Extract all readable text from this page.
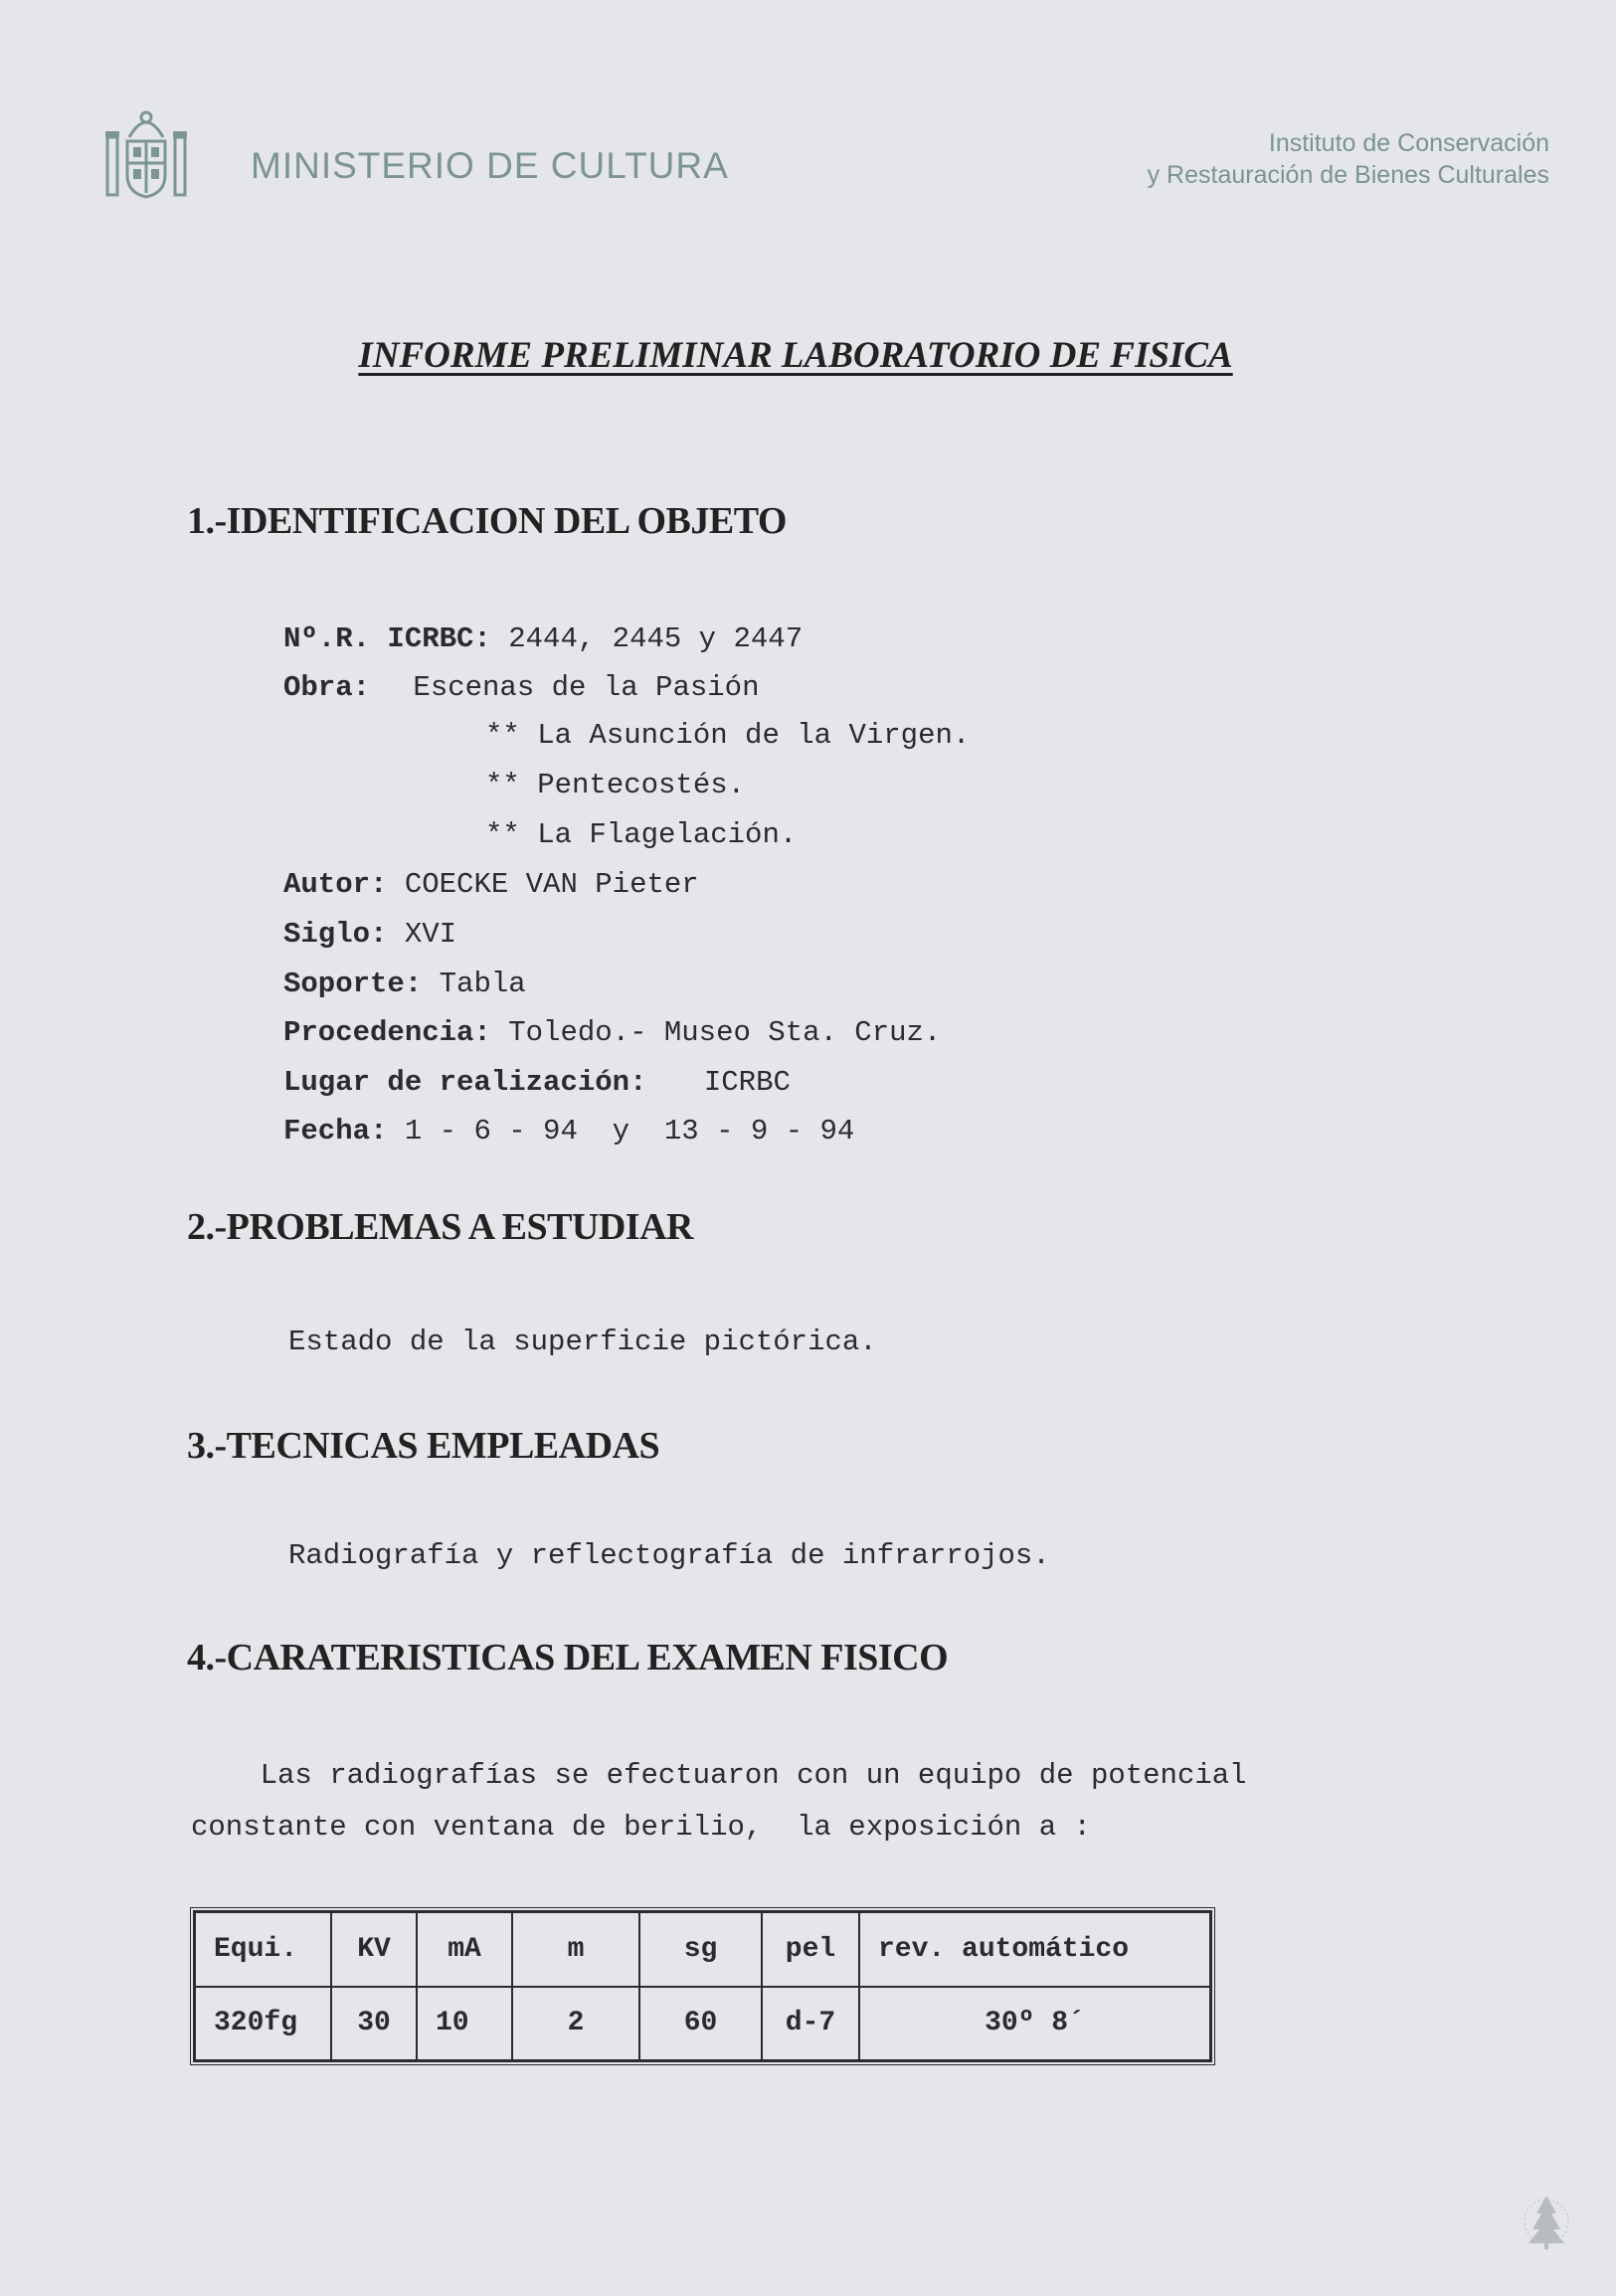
MINISTERIO DE CULTURA
Instituto de Conservación
y Restauración de Bienes Culturales
INFORME PRELIMINAR LABORATORIO DE FISICA
1.-IDENTIFICACION DEL OBJETO
Nº.R. ICRBC: 2444, 2445 y 2447
Obra: Escenas de la Pasión
** La Asunción de la Virgen.
** Pentecostés.
** La Flagelación.
Autor: COECKE VAN Pieter
Siglo: XVI
Soporte: Tabla
Procedencia: Toledo.- Museo Sta. Cruz.
Lugar de realización: ICRBC
Fecha: 1 - 6 - 94  y  13 - 9 - 94
2.-PROBLEMAS A ESTUDIAR
Estado de la superficie pictórica.
3.-TECNICAS EMPLEADAS
Radiografía y reflectografía de infrarrojos.
4.-CARATERISTICAS DEL EXAMEN FISICO
Las radiografías se efectuaron con un equipo de potencial
constante con ventana de berilio,  la exposición a :
Equi.	KV	mA	m	sg	pel	rev. automático
320fg	30	10	2	60	d-7	30º 8´
